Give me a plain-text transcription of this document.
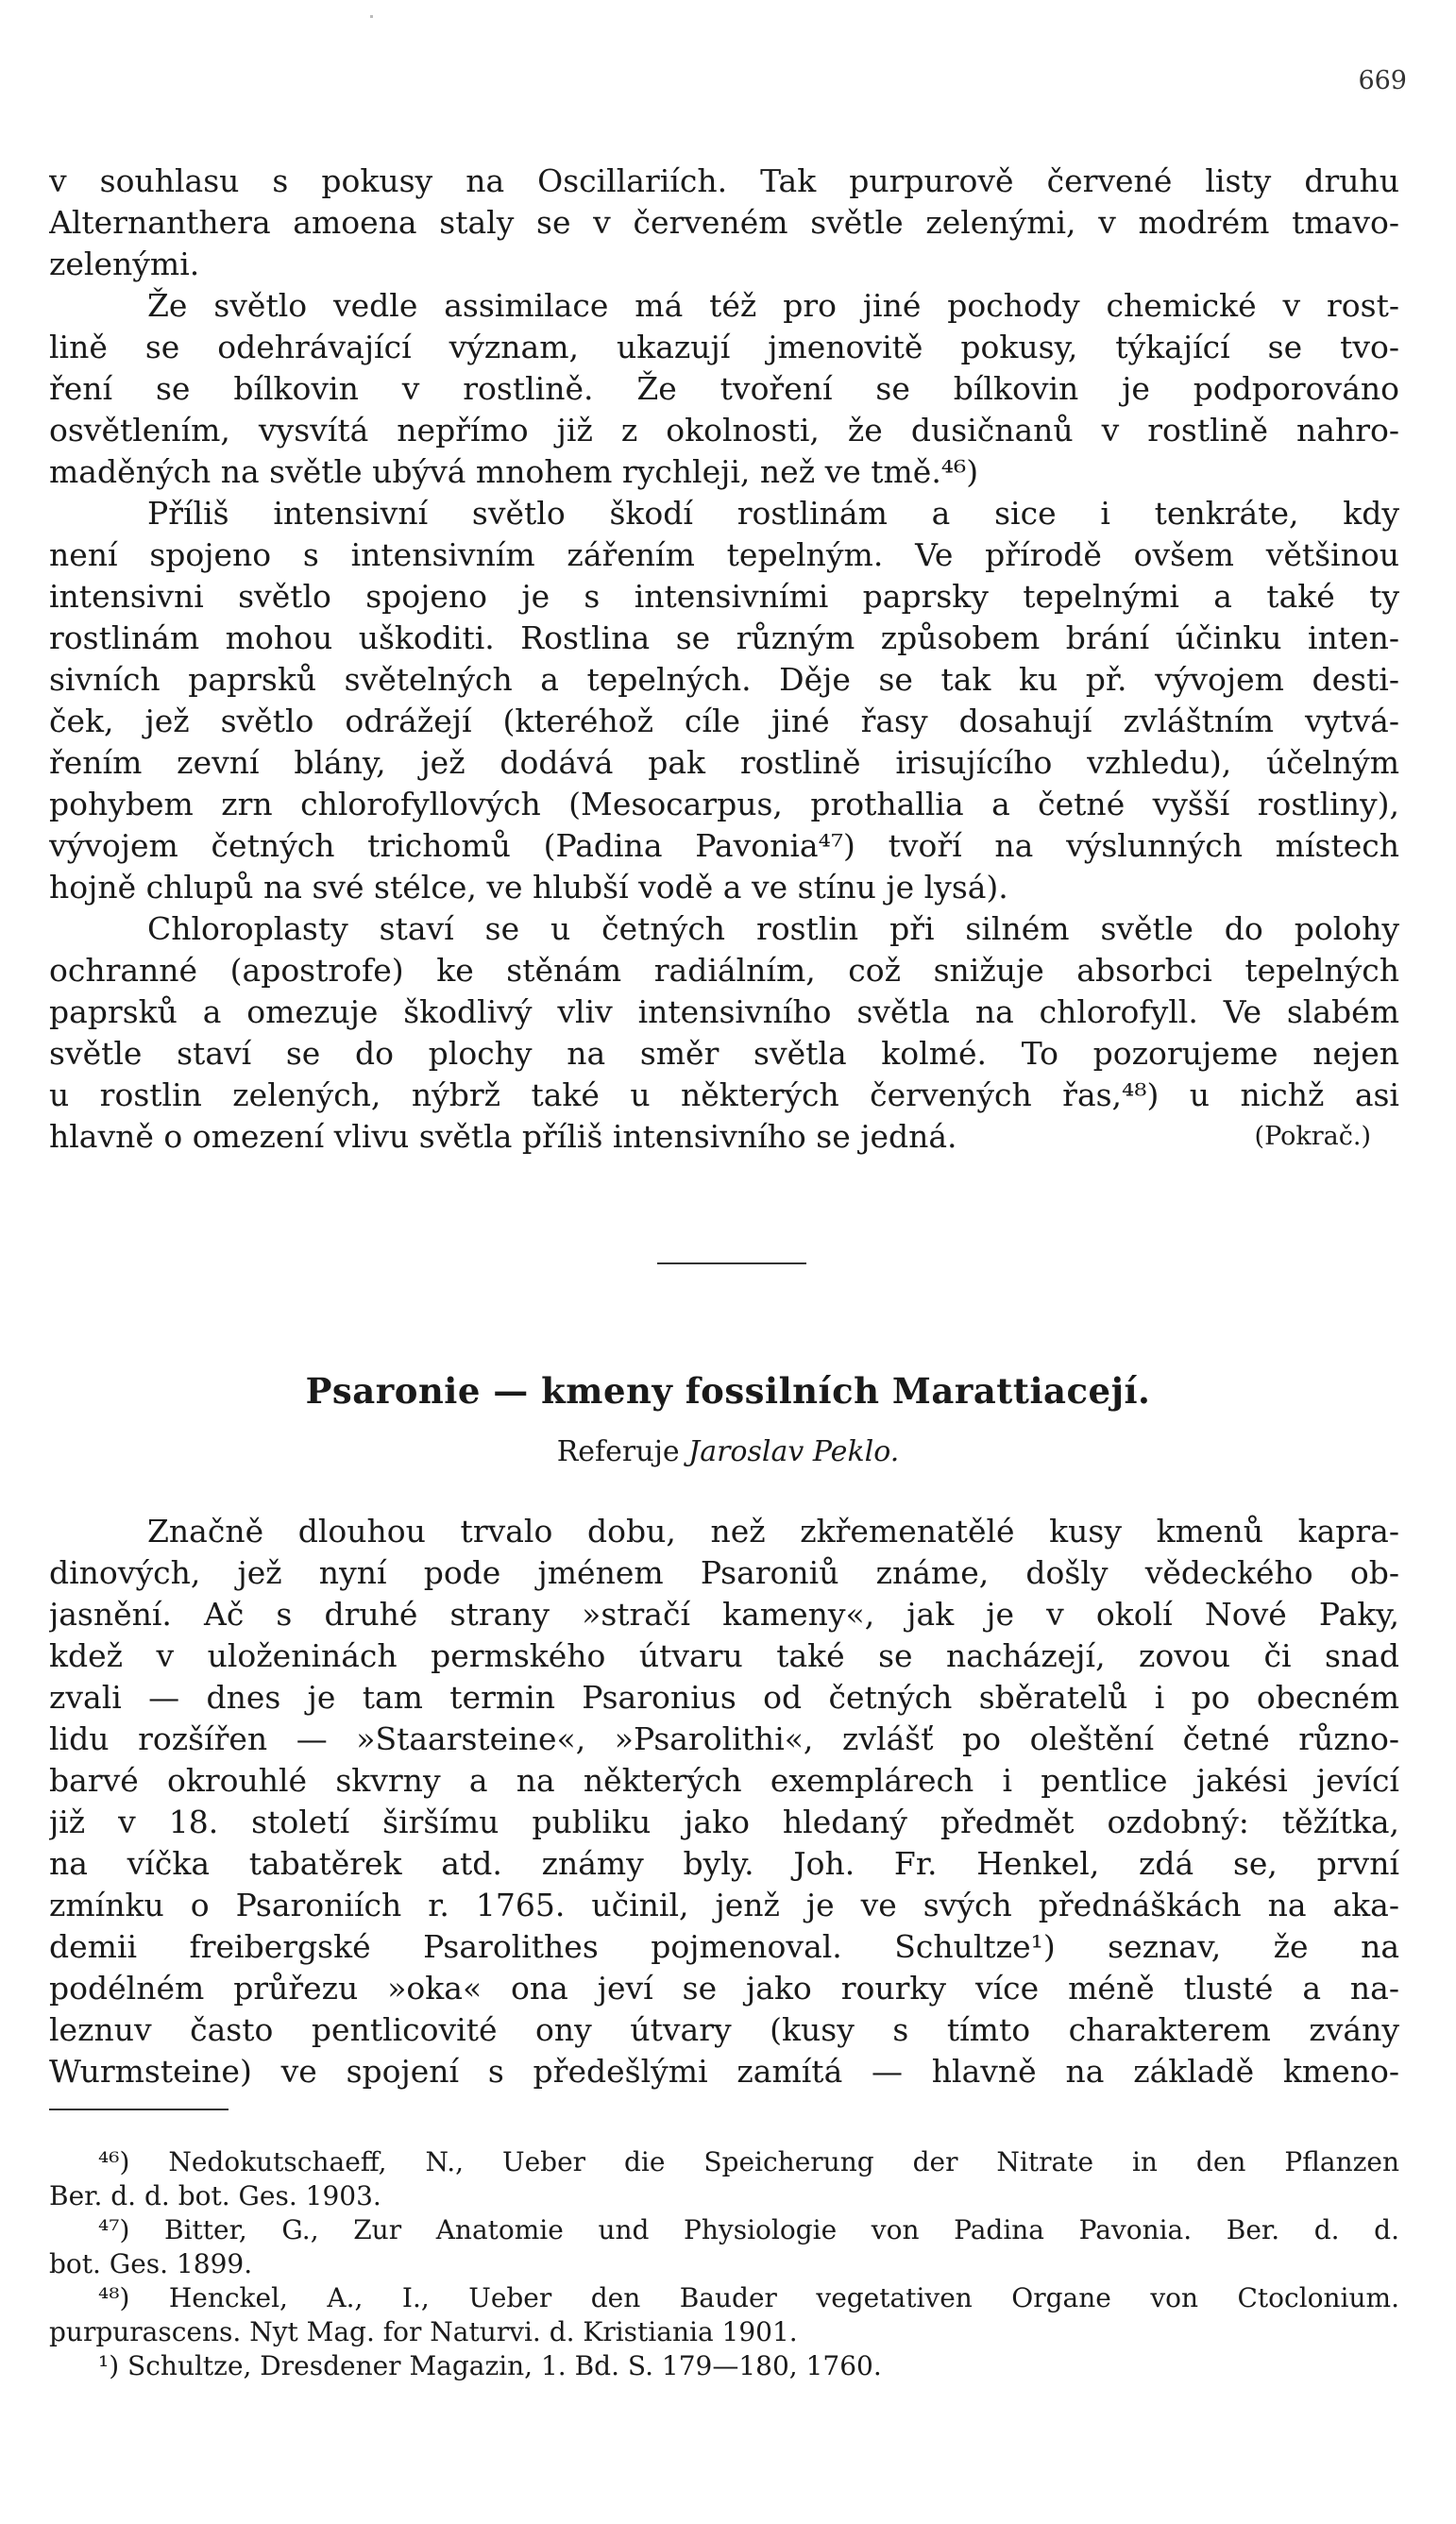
669
v souhlasu s pokusy na Oscillariích. Tak purpurově červené listy druhu
Alternanthera amoena staly se v červeném světle zelenými, v modrém tmavo-
zelenými.
Že světlo vedle assimilace má též pro jiné pochody chemické v rost-
lině se odehrávající význam, ukazují jmenovitě pokusy, týkající se tvo-
ření se bílkovin v rostlině. Že tvoření se bílkovin je podporováno
osvětlením, vysvítá nepřímo již z okolnosti, že dusičnanů v rostlině nahro-
maděných na světle ubývá mnohem rychleji, než ve tmě.⁴⁶)
Příliš intensivní světlo škodí rostlinám a sice i tenkráte, kdy
není spojeno s intensivním zářením tepelným. Ve přírodě ovšem většinou
intensivni světlo spojeno je s intensivními paprsky tepelnými a také ty
rostlinám mohou uškoditi. Rostlina se různým způsobem brání účinku inten-
sivních paprsků světelných a tepelných. Děje se tak ku př. vývojem desti-
ček, jež světlo odrážejí (kteréhož cíle jiné řasy dosahují zvláštním vytvá-
řením zevní blány, jež dodává pak rostlině irisujícího vzhledu), účelným
pohybem zrn chlorofyllových (Mesocarpus, prothallia a četné vyšší rostliny),
vývojem četných trichomů (Padina Pavonia⁴⁷) tvoří na výslunných místech
hojně chlupů na své stélce, ve hlubší vodě a ve stínu je lysá).
Chloroplasty staví se u četných rostlin při silném světle do polohy
ochranné (apostrofe) ke stěnám radiálním, což snižuje absorbci tepelných
paprsků a omezuje škodlivý vliv intensivního světla na chlorofyll. Ve slabém
světle staví se do plochy na směr světla kolmé. To pozorujeme nejen
u rostlin zelených, nýbrž také u některých červených řas,⁴⁸) u nichž asi
hlavně o omezení vlivu světla příliš intensivního se jedná.	(Pokrač.)
Psaronie — kmeny fossilních Marattiacejí.
Referuje Jaroslav Peklo.
Značně dlouhou trvalo dobu, než zkřemenatělé kusy kmenů kapra-
dinových, jež nyní pode jménem Psaroniů známe, došly vědeckého ob-
jasnění. Ač s druhé strany »stračí kameny«, jak je v okolí Nové Paky,
kdež v uloženinách permského útvaru také se nacházejí, zovou či snad
zvali — dnes je tam termin Psaronius od četných sběratelů i po obecném
lidu rozšířen — »Staarsteine«, »Psarolithi«, zvlášť po oleštění četné různo-
barvé okrouhlé skvrny a na některých exemplárech i pentlice jakési jevící
již v 18. století širšímu publiku jako hledaný předmět ozdobný: těžítka,
na víčka tabatěrek atd. známy byly. Joh. Fr. Henkel, zdá se, první
zmínku o Psaroniích r. 1765. učinil, jenž je ve svých přednáškách na aka-
demii freibergské Psarolithes pojmenoval. Schultze¹) seznav, že na
podélném průřezu »oka« ona jeví se jako rourky více méně tlusté a na-
leznuv často pentlicovité ony útvary (kusy s tímto charakterem zvány
Wurmsteine) ve spojení s předešlými zamítá — hlavně na základě kmeno-
⁴⁶) Nedokutschaeff, N., Ueber die Speicherung der Nitrate in den Pflanzen
Ber. d. d. bot. Ges. 1903.
⁴⁷) Bitter, G., Zur Anatomie und Physiologie von Padina Pavonia. Ber. d. d.
bot. Ges. 1899.
⁴⁸) Henckel, A., I., Ueber den Bauder vegetativen Organe von Ctoclonium.
purpurascens. Nyt Mag. for Naturvi. d. Kristiania 1901.
¹) Schultze, Dresdener Magazin, 1. Bd. S. 179—180, 1760.
